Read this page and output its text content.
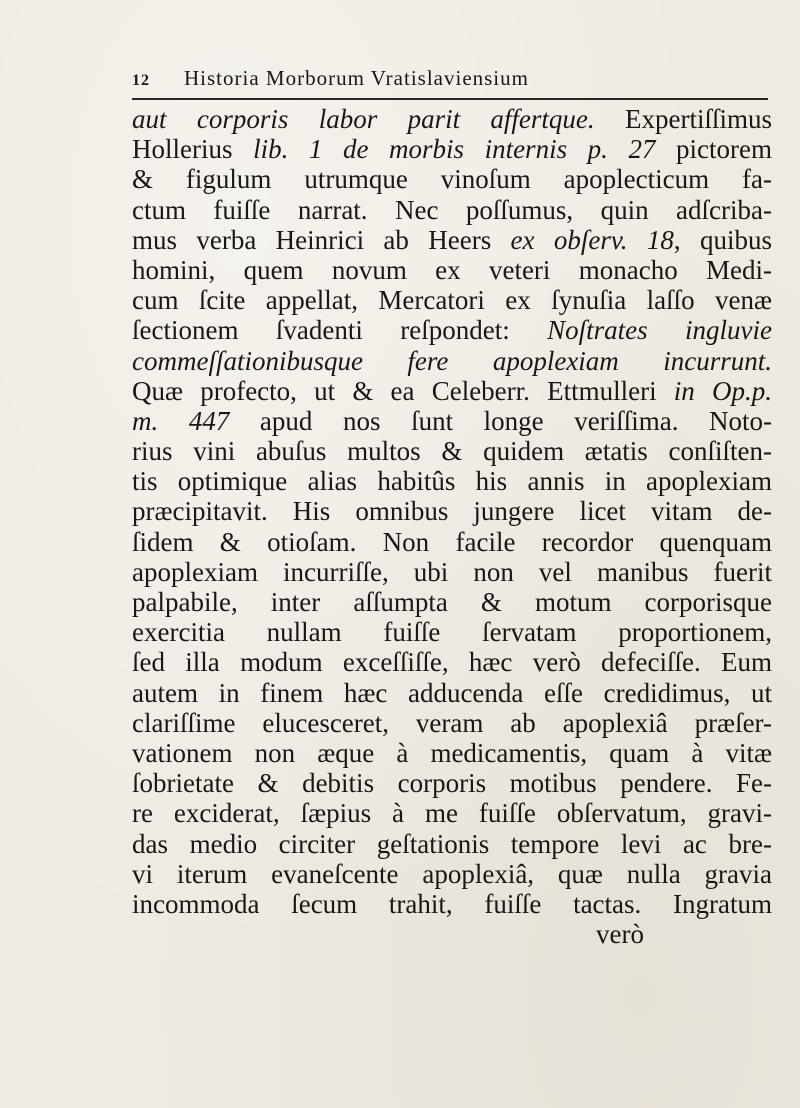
12 Historia Morborum Vratislaviensium
aut corporis labor parit affertque. Expertiſſimus
Hollerius lib. 1 de morbis internis p. 27 pictorem
& figulum utrumque vinoſum apoplecticum fa-
ctum fuiſſe narrat. Nec poſſumus, quin adſcriba-
mus verba Heinrici ab Heers ex obſerv. 18, quibus
homini, quem novum ex veteri monacho Medi-
cum ſcite appellat, Mercatori ex ſynuſia laſſo venæ
ſectionem ſvadenti reſpondet: Noſtrates ingluvie
commeſſationibusque fere apoplexiam incurrunt.
Quæ profecto, ut & ea Celeberr. Ettmulleri in Op.p.
m. 447 apud nos ſunt longe veriſſima. Noto-
rius vini abuſus multos & quidem ætatis conſiſten-
tis optimique alias habitûs his annis in apoplexiam
præcipitavit. His omnibus jungere licet vitam de-
ſidem & otioſam. Non facile recordor quenquam
apoplexiam incurriſſe, ubi non vel manibus fuerit
palpabile, inter aſſumpta & motum corporisque
exercitia nullam fuiſſe ſervatam proportionem,
ſed illa modum exceſſiſſe, hæc verò defeciſſe. Eum
autem in finem hæc adducenda eſſe credidimus, ut
clariſſime elucesceret, veram ab apoplexiâ præſer-
vationem non æque à medicamentis, quam à vitæ
ſobrietate & debitis corporis motibus pendere. Fe-
re exciderat, ſæpius à me fuiſſe obſervatum, gravi-
das medio circiter geſtationis tempore levi ac bre-
vi iterum evaneſcente apoplexiâ, quæ nulla gravia
incommoda ſecum trahit, fuiſſe tactas. Ingratum
verò
